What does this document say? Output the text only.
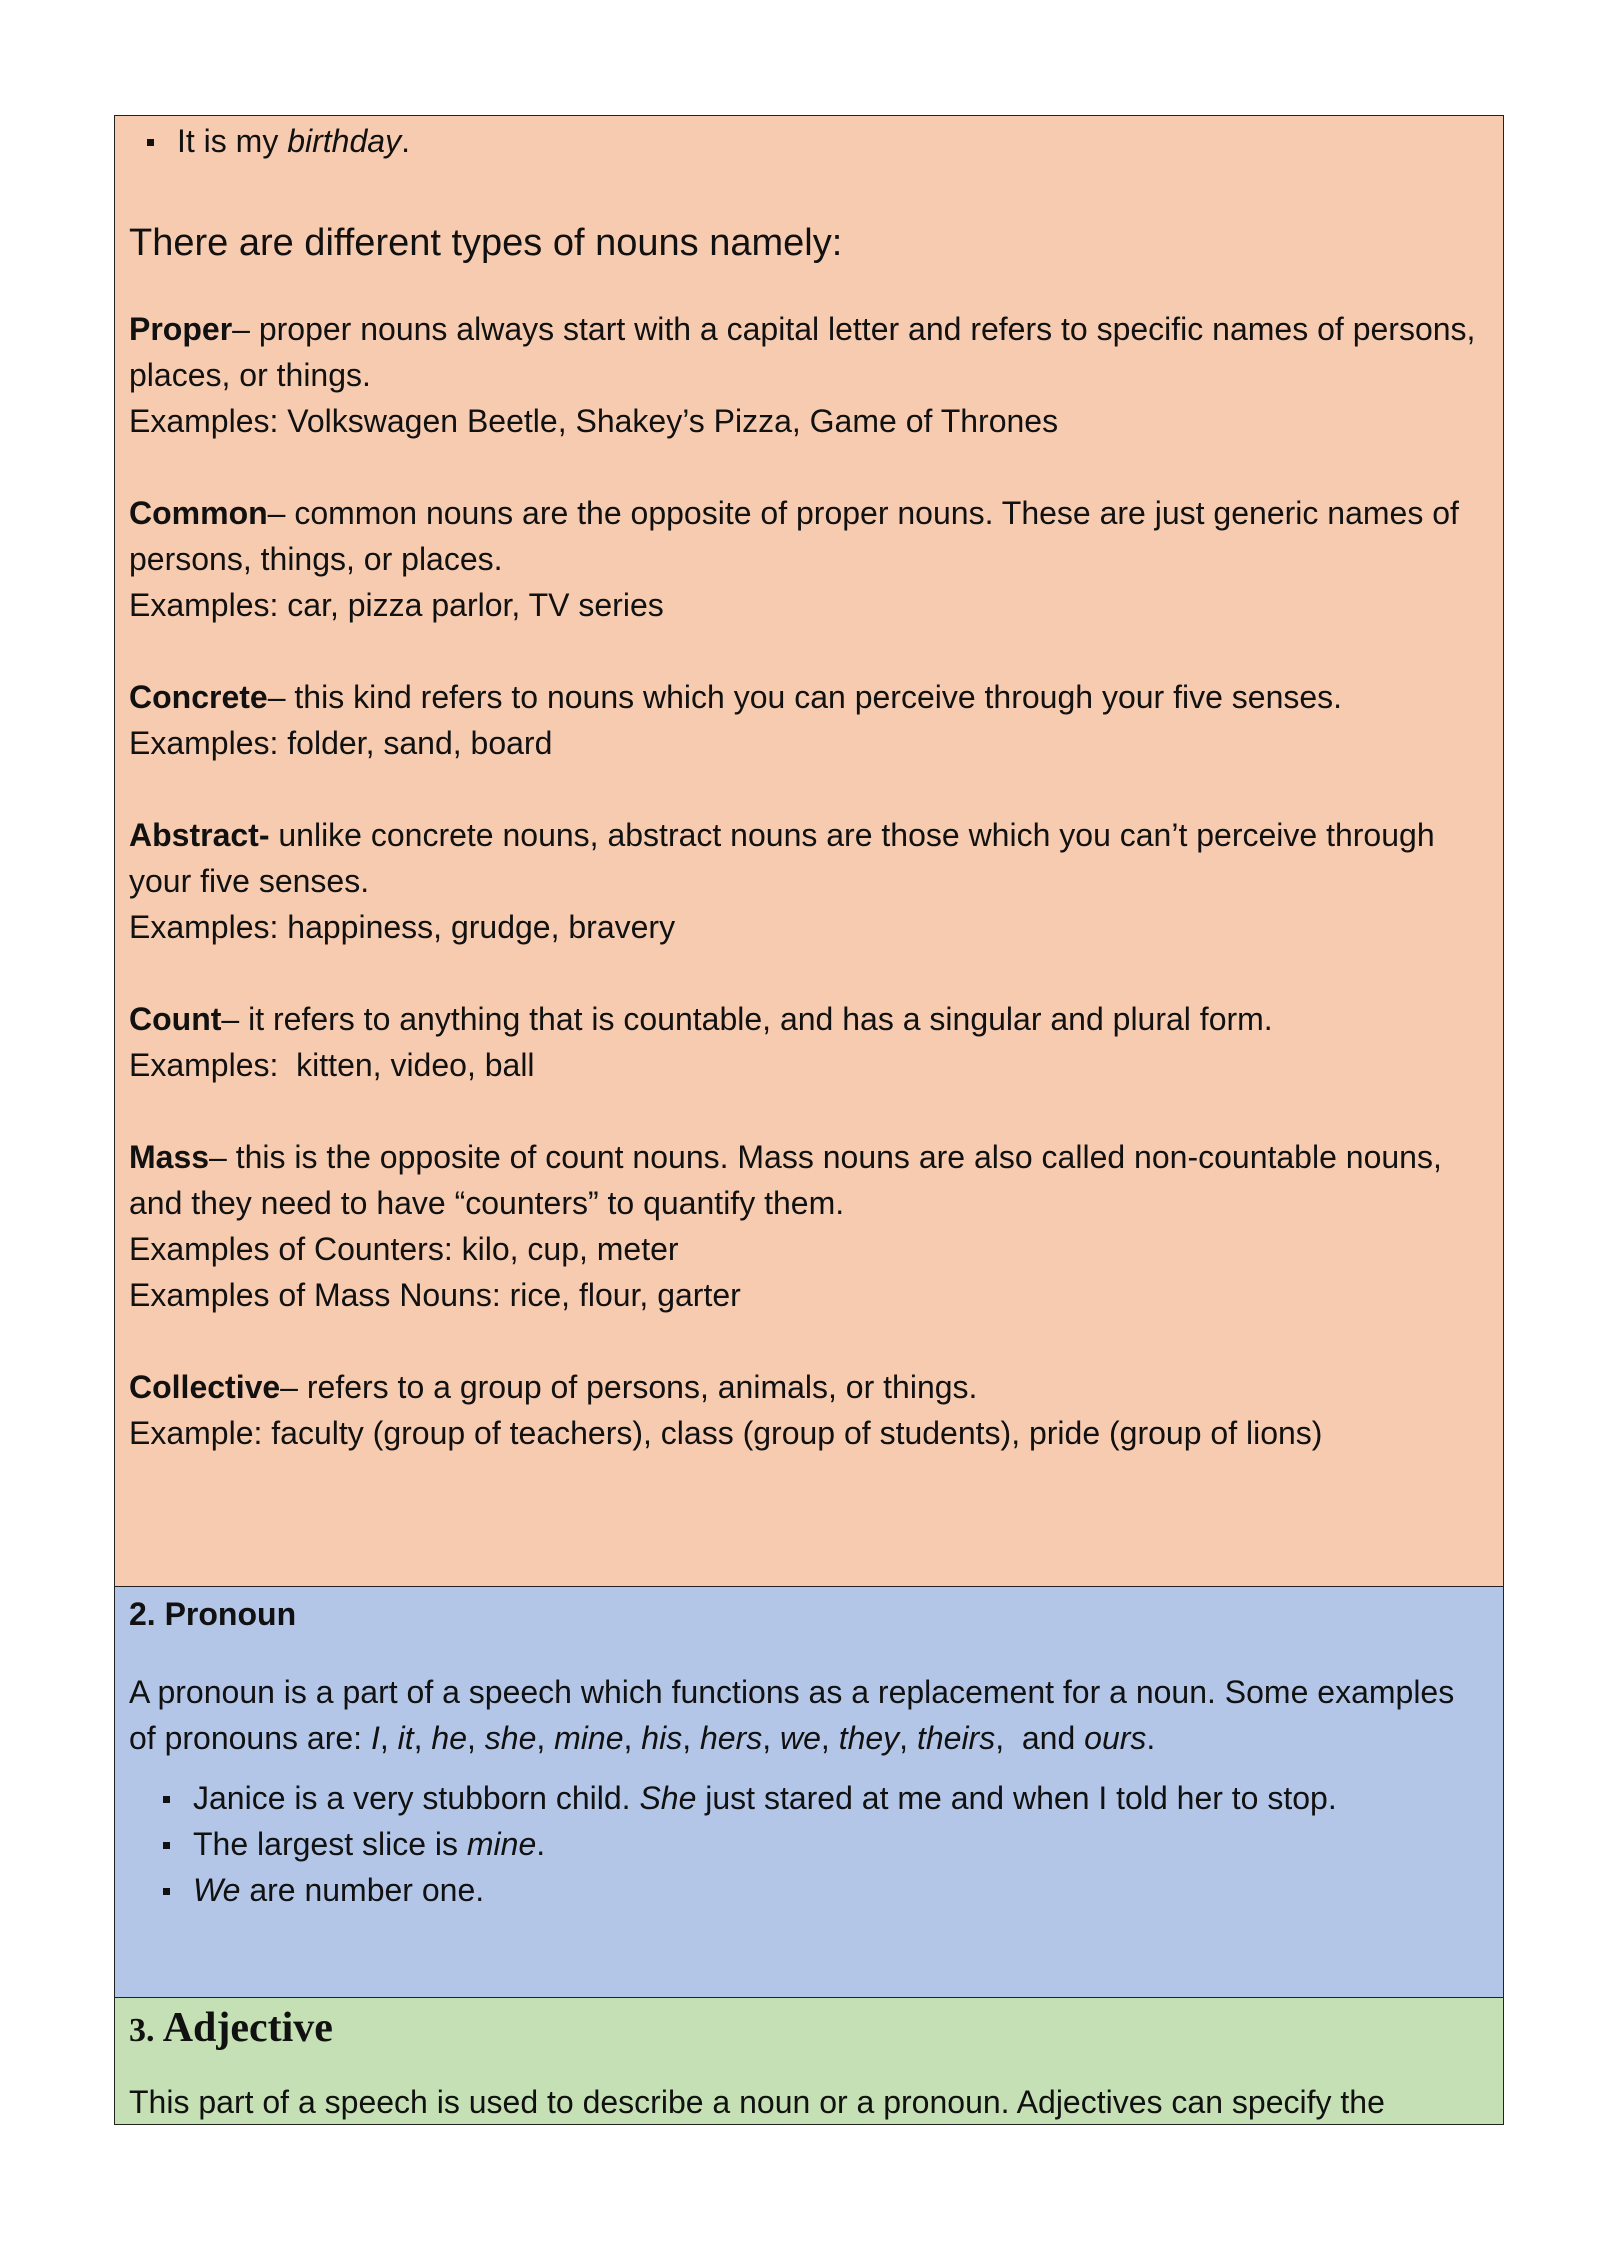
It is my birthday.

There are different types of nouns namely:

Proper– proper nouns always start with a capital letter and refers to specific names of persons, places, or things.

Examples: Volkswagen Beetle, Shakey’s Pizza, Game of Thrones

Common– common nouns are the opposite of proper nouns. These are just generic names of persons, things, or places.

Examples: car, pizza parlor, TV series

Concrete– this kind refers to nouns which you can perceive through your five senses.

Examples: folder, sand, board

Abstract- unlike concrete nouns, abstract nouns are those which you can’t perceive through your five senses.

Examples: happiness, grudge, bravery

Count– it refers to anything that is countable, and has a singular and plural form.

Examples:  kitten, video, ball

Mass– this is the opposite of count nouns. Mass nouns are also called non-countable nouns, and they need to have “counters” to quantify them.

Examples of Counters: kilo, cup, meter

Examples of Mass Nouns: rice, flour, garter

Collective– refers to a group of persons, animals, or things.

Example: faculty (group of teachers), class (group of students), pride (group of lions)

2. Pronoun

A pronoun is a part of a speech which functions as a replacement for a noun. Some examples of pronouns are: I, it, he, she, mine, his, hers, we, they, theirs,  and ours.

Janice is a very stubborn child. She just stared at me and when I told her to stop.
The largest slice is mine.
We are number one.

3. Adjective

This part of a speech is used to describe a noun or a pronoun. Adjectives can specify the
